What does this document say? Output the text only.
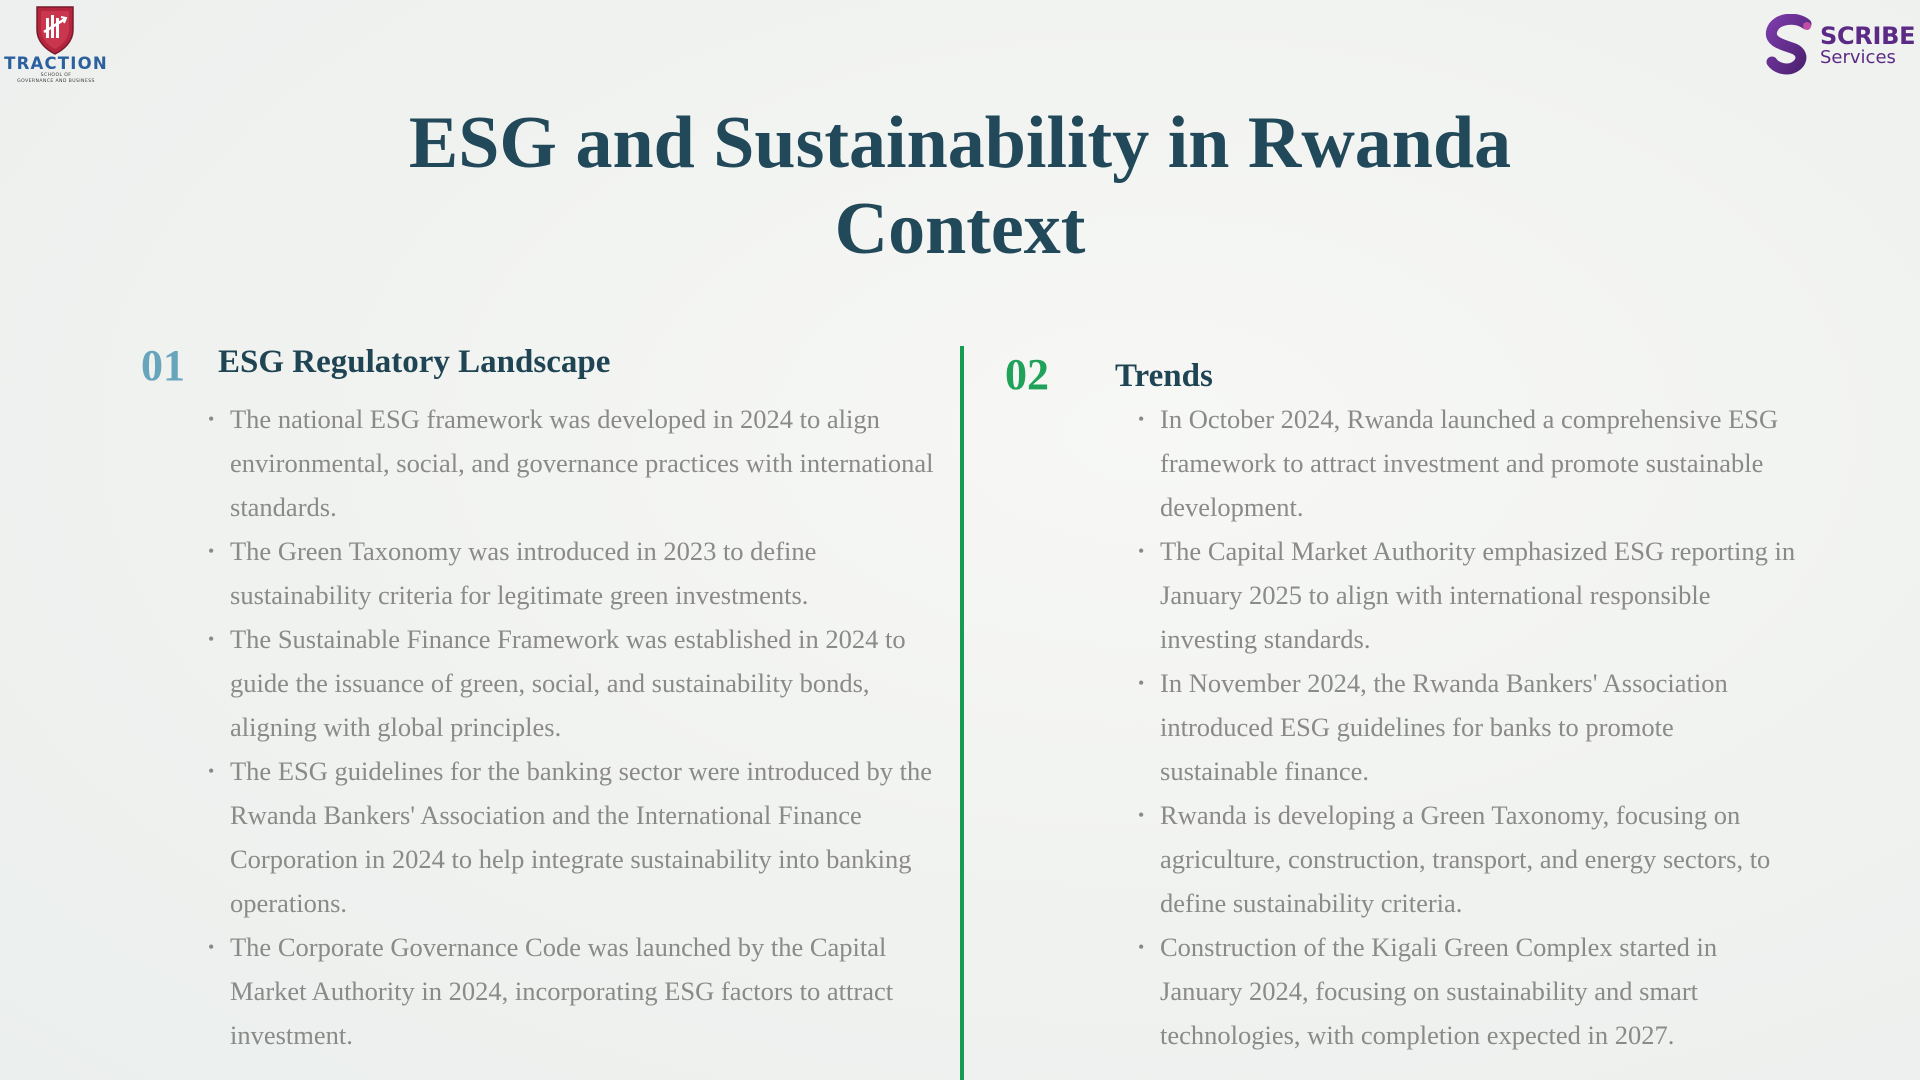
TRACTION
SCHOOL OF
GOVERNANCE AND BUSINESS
SCRIBE
Services
ESG and Sustainability in Rwanda
Context
01 ESG Regulatory Landscape
• The national ESG framework was developed in 2024 to align environmental, social, and governance practices with international standards.
• The Green Taxonomy was introduced in 2023 to define sustainability criteria for legitimate green investments.
• The Sustainable Finance Framework was established in 2024 to guide the issuance of green, social, and sustainability bonds, aligning with global principles.
• The ESG guidelines for the banking sector were introduced by the Rwanda Bankers' Association and the International Finance Corporation in 2024 to help integrate sustainability into banking operations.
• The Corporate Governance Code was launched by the Capital Market Authority in 2024, incorporating ESG factors to attract investment.
02 Trends
• In October 2024, Rwanda launched a comprehensive ESG framework to attract investment and promote sustainable development.
• The Capital Market Authority emphasized ESG reporting in January 2025 to align with international responsible investing standards.
• In November 2024, the Rwanda Bankers' Association introduced ESG guidelines for banks to promote sustainable finance.
• Rwanda is developing a Green Taxonomy, focusing on agriculture, construction, transport, and energy sectors, to define sustainability criteria.
• Construction of the Kigali Green Complex started in January 2024, focusing on sustainability and smart technologies, with completion expected in 2027.
